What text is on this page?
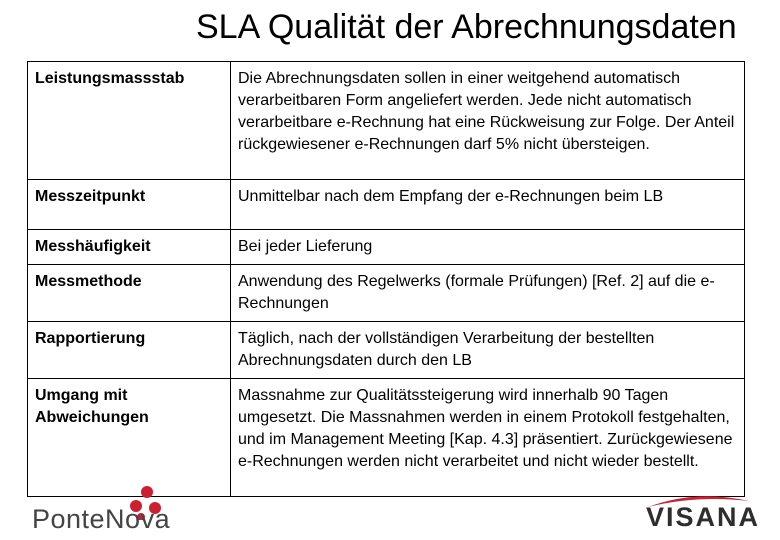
SLA Qualität der Abrechnungsdaten
Leistungsmassstab	Die Abrechnungsdaten sollen in einer weitgehend automatisch verarbeitbaren Form angeliefert werden. Jede nicht automatisch verarbeitbare e-Rechnung hat eine Rückweisung zur Folge. Der Anteil rückgewiesener e-Rechnungen darf 5% nicht übersteigen.
Messzeitpunkt	Unmittelbar nach dem Empfang der e-Rechnungen beim LB
Messhäufigkeit	Bei jeder Lieferung
Messmethode	Anwendung des Regelwerks (formale Prüfungen) [Ref. 2] auf die e-Rechnungen
Rapportierung	Täglich, nach der vollständigen Verarbeitung der bestellten Abrechnungsdaten durch den LB
Umgang mit Abweichungen	Massnahme zur Qualitätssteigerung wird innerhalb 90 Tagen umgesetzt. Die Massnahmen werden in einem Protokoll festgehalten, und im Management Meeting [Kap. 4.3] präsentiert. Zurückgewiesene e-Rechnungen werden nicht verarbeitet und nicht wieder bestellt.
PonteNova	VISANA
